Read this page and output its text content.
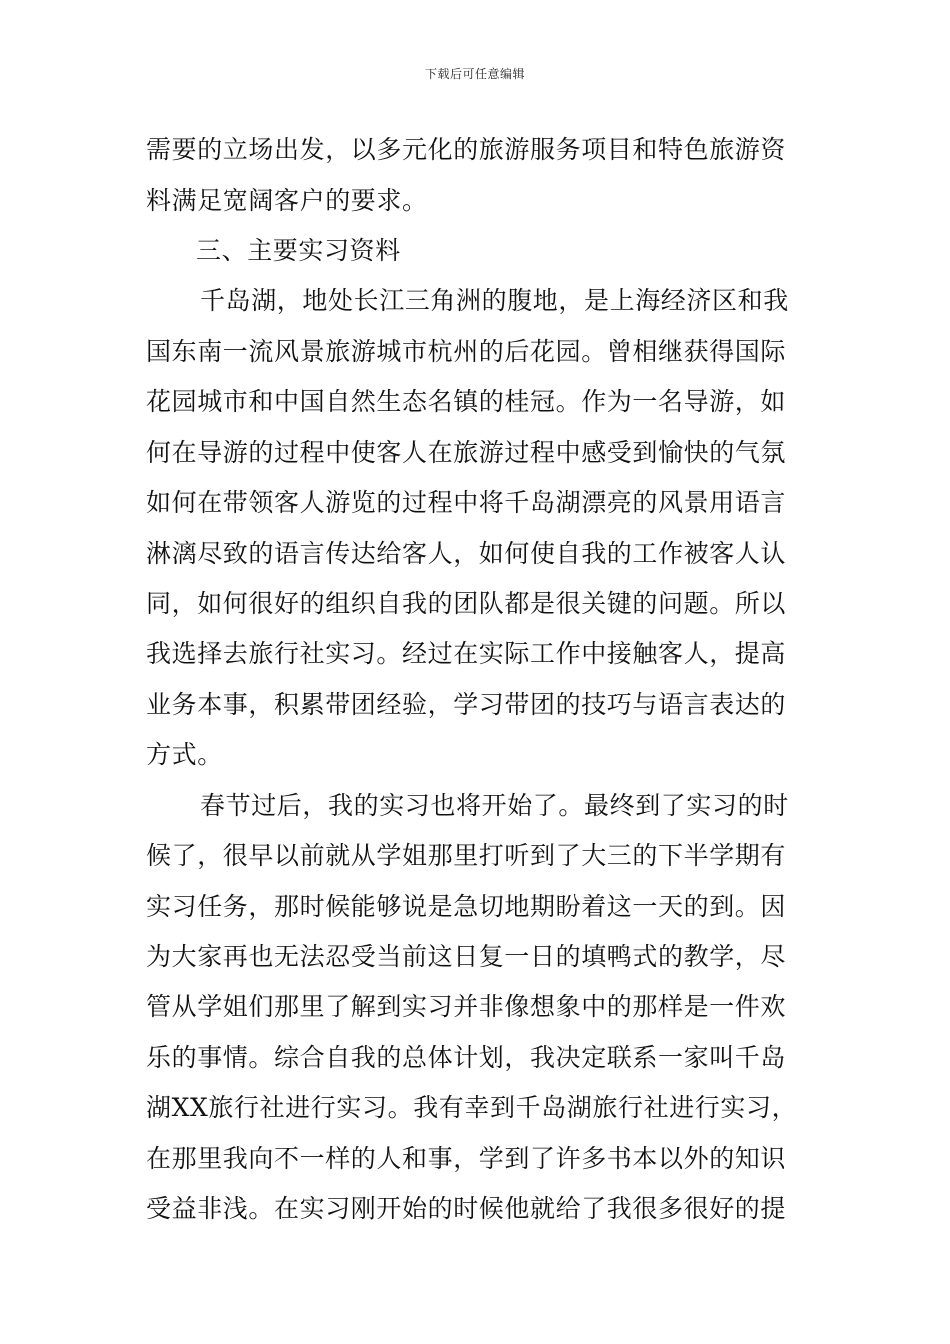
下载后可任意编辑
需要的立场出发，以多元化的旅游服务项目和特色旅游资
料满足宽阔客户的要求。
三、主要实习资料
千岛湖，地处长江三角洲的腹地，是上海经济区和我
国东南一流风景旅游城市杭州的后花园。曾相继获得国际
花园城市和中国自然生态名镇的桂冠。作为一名导游，如
何在导游的过程中使客人在旅游过程中感受到愉快的气氛
如何在带领客人游览的过程中将千岛湖漂亮的风景用语言
淋漓尽致的语言传达给客人，如何使自我的工作被客人认
同，如何很好的组织自我的团队都是很关键的问题。所以
我选择去旅行社实习。经过在实际工作中接触客人，提高
业务本事，积累带团经验，学习带团的技巧与语言表达的
方式。
春节过后，我的实习也将开始了。最终到了实习的时
候了，很早以前就从学姐那里打听到了大三的下半学期有
实习任务，那时候能够说是急切地期盼着这一天的到。因
为大家再也无法忍受当前这日复一日的填鸭式的教学，尽
管从学姐们那里了解到实习并非像想象中的那样是一件欢
乐的事情。综合自我的总体计划，我决定联系一家叫千岛
湖XX旅行社进行实习。我有幸到千岛湖旅行社进行实习，
在那里我向不一样的人和事，学到了许多书本以外的知识
受益非浅。在实习刚开始的时候他就给了我很多很好的提
